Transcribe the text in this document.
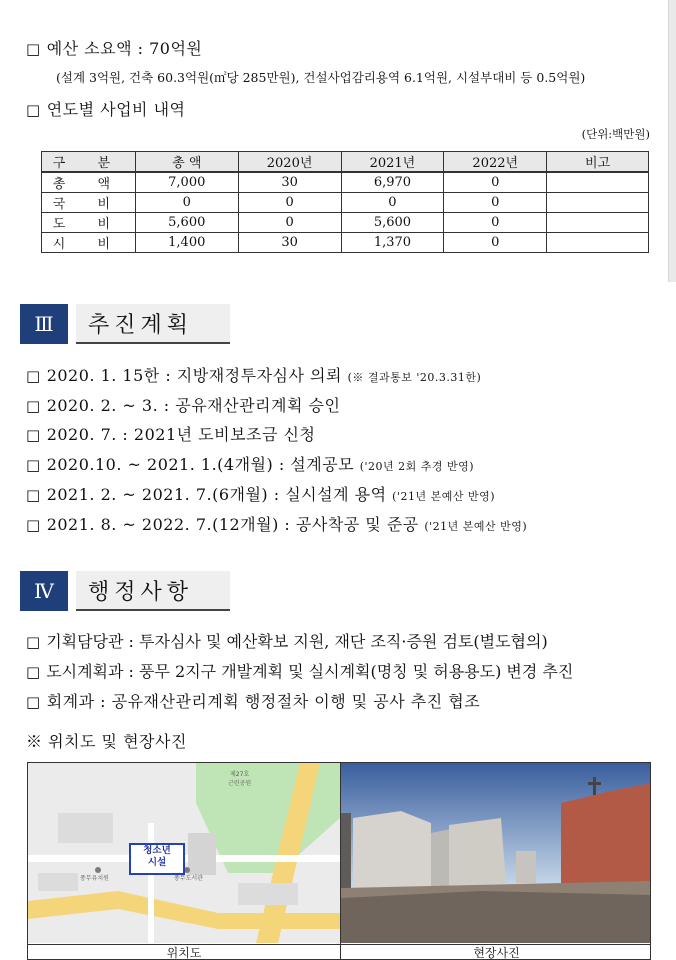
□ 예산 소요액 : 70억원
(설계 3억원, 건축 60.3억원(㎡당 285만원), 건설사업감리용역 6.1억원, 시설부대비 등 0.5억원)
□ 연도별 사업비 내역
(단위:백만원)
구 분	총 액	2020년	2021년	2022년	비고
총 액	7,000	30	6,970	0	
국 비	0	0	0	0	
도 비	5,600	0	5,600	0	
시 비	1,400	30	1,370	0	
Ⅲ	추진계획
□ 2020. 1. 15한 : 지방재정투자심사 의뢰 (※ 결과통보 '20.3.31한)
□ 2020. 2. ~ 3. : 공유재산관리계획 승인
□ 2020. 7. : 2021년 도비보조금 신청
□ 2020.10. ~ 2021. 1.(4개월) : 설계공모 ('20년 2회 추경 반영)
□ 2021. 2. ~ 2021. 7.(6개월) : 실시설계 용역 ('21년 본예산 반영)
□ 2021. 8. ~ 2022. 7.(12개월) : 공사착공 및 준공 ('21년 본예산 반영)
Ⅳ	행정사항
□ 기획담당관 : 투자심사 및 예산확보 지원, 재단 조직·증원 검토(별도협의)
□ 도시계획과 : 풍무 2지구 개발계획 및 실시계획(명칭 및 허용용도) 변경 추진
□ 회계과 : 공유재산관리계획 행정절차 이행 및 공사 추진 협조
※ 위치도 및 현장사진
청소년
시설
제27호
근린공원
풍무유치원	풍무도서관
위치도	현장사진
